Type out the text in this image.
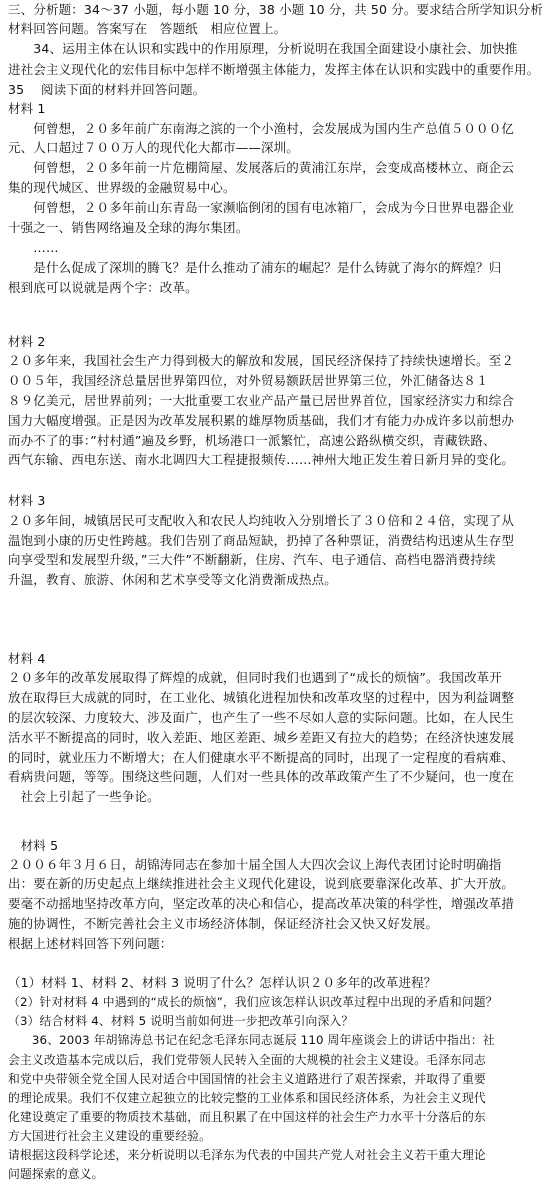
三、分析题：34～37 小题，每小题 10 分，38 小题 10 分，共 50 分。要求结合所学知识分析
材料回答问题。答案写在　答题纸　相应位置上。
　　34、运用主体在认识和实践中的作用原理，分析说明在我国全面建设小康社会、加快推
进社会主义现代化的宏伟目标中怎样不断增强主体能力，发挥主体在认识和实践中的重要作用。
35　 阅读下面的材料并回答问题。
材料 1
　　何曾想，２０多年前广东南海之滨的一个小渔村，会发展成为国内生产总值５０００亿
元、人口超过７００万人的现代化大都市——深圳。
　　何曾想，２０多年前一片危棚简屋、发展落后的黄浦江东岸，会变成高楼林立、商企云
集的现代城区、世界级的金融贸易中心。
　　何曾想，２０多年前山东青岛一家濒临倒闭的国有电冰箱厂，会成为今日世界电器企业
十强之一、销售网络遍及全球的海尔集团。
　　……
　　是什么促成了深圳的腾飞？是什么推动了浦东的崛起？是什么铸就了海尔的辉煌？归
根到底可以说就是两个字：改革。
材料 2
２０多年来，我国社会生产力得到极大的解放和发展，国民经济保持了持续快速增长。至２
００５年，我国经济总量居世界第四位，对外贸易额跃居世界第三位，外汇储备达８１
８９亿美元，居世界前列；一大批重要工农业产品产量已居世界首位，国家经济实力和综合
国力大幅度增强。正是因为改革发展积累的雄厚物质基础，我们才有能力办成许多以前想办
而办不了的事：”村村通”遍及乡野，机场港口一派繁忙，高速公路纵横交织，青藏铁路、
西气东输、西电东送、南水北调四大工程捷报频传……神州大地正发生着日新月异的变化。
材料 3
２０多年间，城镇居民可支配收入和农民人均纯收入分别增长了３０倍和２４倍，实现了从
温饱到小康的历史性跨越。我们告别了商品短缺，扔掉了各种票证，消费结构迅速从生存型
向享受型和发展型升级，”三大件”不断翻新，住房、汽车、电子通信、高档电器消费持续
升温，教育、旅游、休闲和艺术享受等文化消费渐成热点。
材料 4
２０多年的改革发展取得了辉煌的成就，但同时我们也遇到了“成长的烦恼”。我国改革开
放在取得巨大成就的同时，在工业化、城镇化进程加快和改革攻坚的过程中，因为利益调整
的层次较深、力度较大、涉及面广，也产生了一些不尽如人意的实际问题。比如，在人民生
活水平不断提高的同时，收入差距、地区差距、城乡差距又有拉大的趋势；在经济快速发展
的同时，就业压力不断增大；在人们健康水平不断提高的同时，出现了一定程度的看病难、
看病贵问题，等等。围绕这些问题，人们对一些具体的改革政策产生了不少疑问，也一度在
　社会上引起了一些争论。
　材料 5
２００６年３月６日，胡锦涛同志在参加十届全国人大四次会议上海代表团讨论时明确指
出：要在新的历史起点上继续推进社会主义现代化建设，说到底要靠深化改革、扩大开放。
要毫不动摇地坚持改革方向，坚定改革的决心和信心，提高改革决策的科学性，增强改革措
施的协调性，不断完善社会主义市场经济体制，保证经济社会又快又好发展。
根据上述材料回答下列问题：
（1）材料 1、材料 2、材料 3 说明了什么？怎样认识２０多年的改革进程？
（2）针对材料 4 中遇到的“成长的烦恼”，我们应该怎样认识改革过程中出现的矛盾和问题？
（3）结合材料 4、材料 5 说明当前如何进一步把改革引向深入？
　　36、2003 年胡锦涛总书记在纪念毛泽东同志诞辰 110 周年座谈会上的讲话中指出：社
会主义改造基本完成以后，我们党带领人民转入全面的大规模的社会主义建设。毛泽东同志
和党中央带领全党全国人民对适合中国国情的社会主义道路进行了艰苦探索，并取得了重要
的理论成果。我们不仅建立起独立的比较完整的工业体系和国民经济体系，为社会主义现代
化建设奠定了重要的物质技术基础，而且积累了在中国这样的社会生产力水平十分落后的东
方大国进行社会主义建设的重要经验。
请根据这段科学论述，来分析说明以毛泽东为代表的中国共产党人对社会主义若干重大理论
问题探索的意义。
